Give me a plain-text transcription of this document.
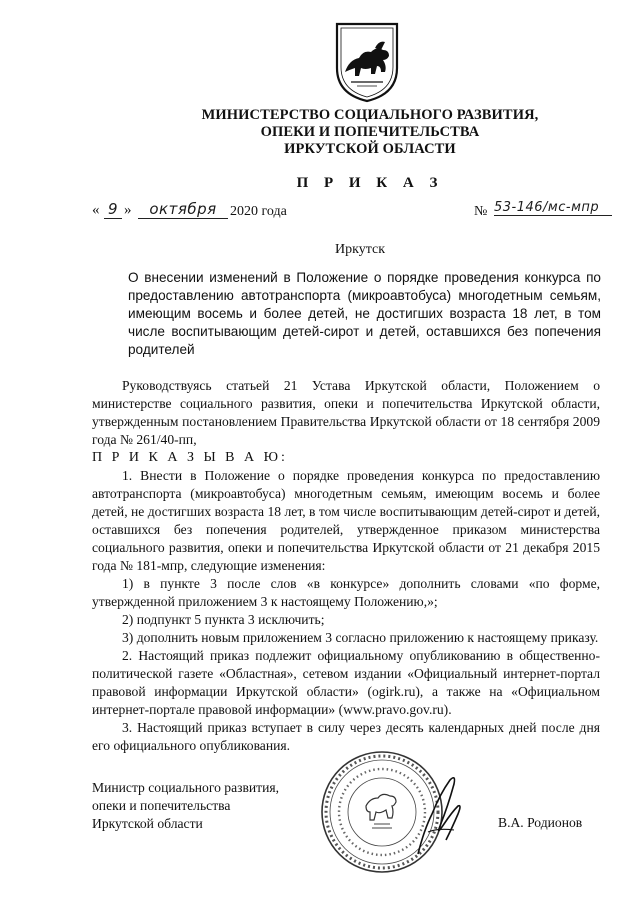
МИНИСТЕРСТВО СОЦИАЛЬНОГО РАЗВИТИЯ,
ОПЕКИ И ПОПЕЧИТЕЛЬСТВА
ИРКУТСКОЙ ОБЛАСТИ
П Р И К А З
« 9 »	октября 2020 года	№ 53-146/мс-мпр
Иркутск
О внесении изменений в Положение о порядке проведения конкурса по предоставлению автотранспорта (микроавтобуса) многодетным семьям, имеющим восемь и более детей, не достигших возраста 18 лет, в том числе воспитывающим детей-сирот и детей, оставшихся без попечения родителей

Руководствуясь статьей 21 Устава Иркутской области, Положением о министерстве социального развития, опеки и попечительства Иркутской области, утвержденным постановлением Правительства Иркутской области от 18 сентября 2009 года № 261/40-пп,

П Р И К А З Ы В А Ю:

1. Внести в Положение о порядке проведения конкурса по предоставлению автотранспорта (микроавтобуса) многодетным семьям, имеющим восемь и более детей, не достигших возраста 18 лет, в том числе воспитывающим детей-сирот и детей, оставшихся без попечения родителей, утвержденное приказом министерства социального развития, опеки и попечительства Иркутской области от 21 декабря 2015 года № 181-мпр, следующие изменения:

1) в пункте 3 после слов «в конкурсе» дополнить словами «по форме, утвержденной приложением 3 к настоящему Положению,»;

2) подпункт 5 пункта 3 исключить;

3) дополнить новым приложением 3 согласно приложению к настоящему приказу.

2. Настоящий приказ подлежит официальному опубликованию в общественно-политической газете «Областная», сетевом издании «Официальный интернет-портал правовой информации Иркутской области» (ogirk.ru), а также на «Официальном интернет-портале правовой информации» (www.pravo.gov.ru).

3. Настоящий приказ вступает в силу через десять календарных дней после дня его официального опубликования.

Министр социального развития,
опеки и попечительства
Иркутской области	В.А. Родионов
